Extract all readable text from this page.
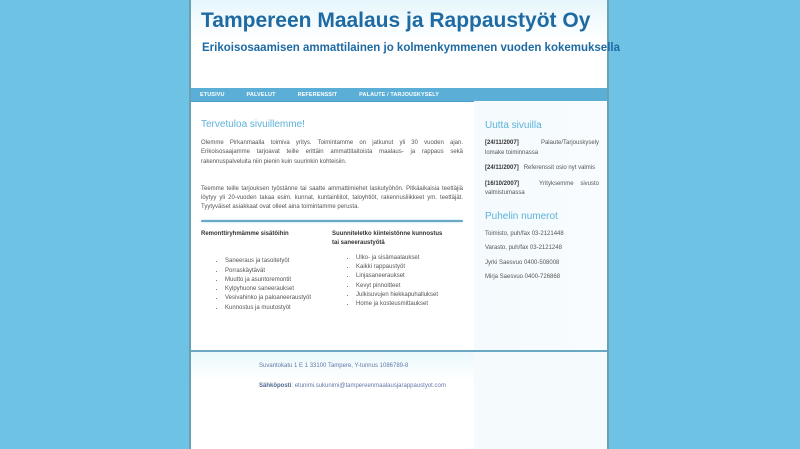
Tampereen Maalaus ja Rappaustyöt Oy

Erikoisosaamisen ammattilainen jo kolmenkymmenen vuoden kokemuksella

ETUSIVU	PALVELUT	REFERENSSIT	PALAUTE / TARJOUSKYSELY
Uutta sivuilla

[24/11/2007]	Palaute/Tarjouskysely lomake toiminnassa

[24/11/2007] Referenssit osio nyt valmis

[16/10/2007]	Yrityksemme sivusto valmistumassa

Puhelin numerot

Toimisto, puh/fax 03-2121448

Varasto, puh/fax 03-2121248

Jyrki Saesvuo 0400-508008

Mirja Saesvuo 0400-726868

Tervetuloa sivuillemme!

Olemme Pirkanmaalla toimiva yritys. Toimintamme on jatkunut yli 30 vuoden ajan. Erikoisosaajamme tarjoavat teille erittäin ammattitaitoista maalaus- ja rappaus sekä rakennuspalveluita niin pienin kuin suurinkin kohteisiin.

Teemme teille tarjouksen työstänne tai saatte ammattimiehet laskutyöhön. Pitkäaikaisia teettäjiä löytyy yli 20-vuoden takaa esim. kunnat, kuntainliitot, taloyhtiöt, rakennusliikkeet ym. teettäjät. Tyytyväiset asiakkaat ovat olleet aina toimintamme perusta.

Remonttiryhmämme sisätöihin
• Saneeraus ja tasoitetyöt
• Porraskäytävät
• Muutto ja asuntoremontit
• Kylpyhuone saneeraukset
• Vesivahinko ja paloaneeraustyöt
• Kunnostus ja muutostyöt
Suunniteletko kiinteistönne kunnostus tai saneeraustyötä
• Ulko- ja sisämaalaukset
• Kaikki rappaustyöt
• Linjasaneeraukset
• Kevyt pinnoitteet
• Julkisuvujen hiekkapuhallukset
• Home ja kosteusmittaukset
Suvantokatu 1 E 1 33100 Tampere, Y-tunnus 1086789-8
Sähköposti: etunimi.sukunimi@tampereenmaalausjarappaustyot.com
